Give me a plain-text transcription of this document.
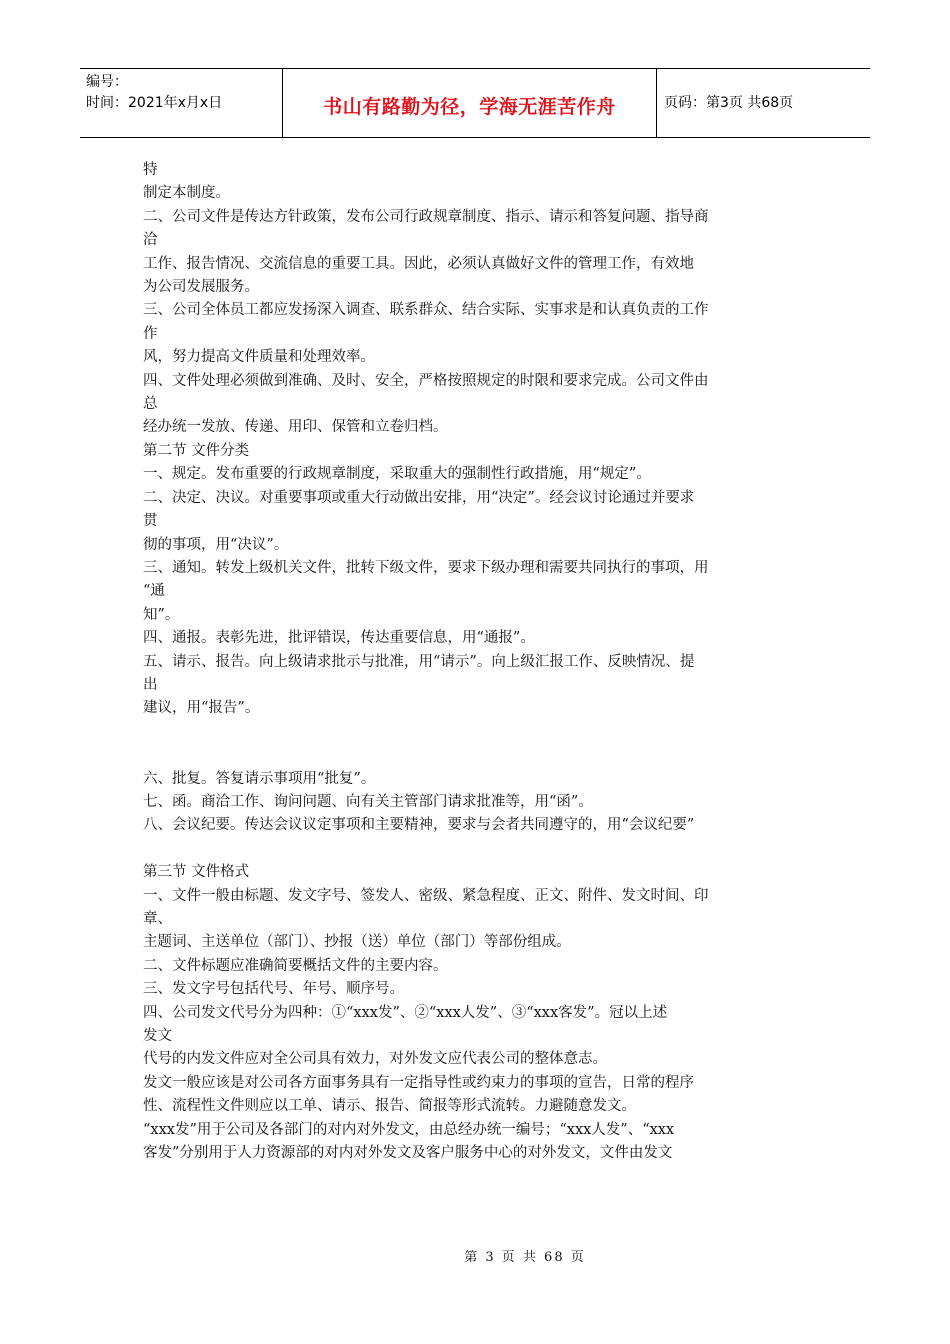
编号：
时间：2021年x月x日	书山有路勤为径，学海无涯苦作舟	页码：第3页 共68页

特

制定本制度。

二、公司文件是传达方针政策，发布公司行政规章制度、指示、请示和答复问题、指导商

洽

工作、报告情况、交流信息的重要工具。因此，必须认真做好文件的管理工作，有效地

为公司发展服务。

三、公司全体员工都应发扬深入调查、联系群众、结合实际、实事求是和认真负责的工作

作

风，努力提高文件质量和处理效率。

四、文件处理必须做到准确、及时、安全，严格按照规定的时限和要求完成。公司文件由

总

经办统一发放、传递、用印、保管和立卷归档。

第二节 文件分类

一、规定。发布重要的行政规章制度，采取重大的强制性行政措施，用“规定”。

二、决定、决议。对重要事项或重大行动做出安排，用“决定”。经会议讨论通过并要求

贯

彻的事项，用“决议”。

三、通知。转发上级机关文件，批转下级文件，要求下级办理和需要共同执行的事项，用

“通

知”。

四、通报。表彰先进，批评错误，传达重要信息，用“通报”。

五、请示、报告。向上级请求批示与批准，用“请示”。向上级汇报工作、反映情况、提

出

建议，用“报告”。

六、批复。答复请示事项用“批复”。

七、函。商洽工作、询问问题、向有关主管部门请求批准等，用“函”。

八、会议纪要。传达会议议定事项和主要精神，要求与会者共同遵守的，用“会议纪要”

第三节 文件格式

一、文件一般由标题、发文字号、签发人、密级、紧急程度、正文、附件、发文时间、印

章、

主题词、主送单位（部门）、抄报（送）单位（部门）等部份组成。

二、文件标题应准确简要概括文件的主要内容。

三、发文字号包括代号、年号、顺序号。

四、公司发文代号分为四种：①“xxx发”、②“xxx人发”、③“xxx客发”。冠以上述

发文

代号的内发文件应对全公司具有效力，对外发文应代表公司的整体意志。

发文一般应该是对公司各方面事务具有一定指导性或约束力的事项的宣告，日常的程序

性、流程性文件则应以工单、请示、报告、简报等形式流转。力避随意发文。

“xxx发”用于公司及各部门的对内对外发文，由总经办统一编号；“xxx人发”、“xxx

客发”分别用于人力资源部的对内对外发文及客户服务中心的对外发文，文件由发文

第 3 页 共 68 页
